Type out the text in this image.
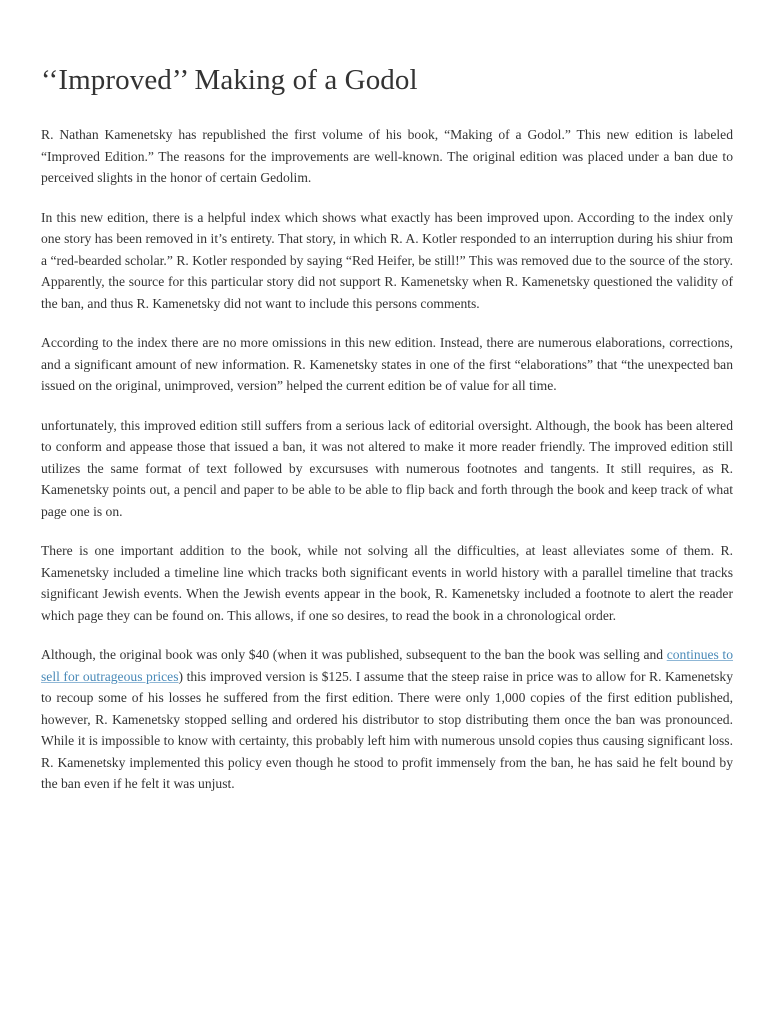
‘‘Improved’’ Making of a Godol

R. Nathan Kamenetsky has republished the first volume of his book, “Making of a Godol.” This new edition is labeled “Improved Edition.” The reasons for the improvements are well-known. The original edition was placed under a ban due to perceived slights in the honor of certain Gedolim.

In this new edition, there is a helpful index which shows what exactly has been improved upon. According to the index only one story has been removed in it’s entirety. That story, in which R. A. Kotler responded to an interruption during his shiur from a “red-bearded scholar.” R. Kotler responded by saying “Red Heifer, be still!” This was removed due to the source of the story. Apparently, the source for this particular story did not support R. Kamenetsky when R. Kamenetsky questioned the validity of the ban, and thus R. Kamenetsky did not want to include this persons comments.

According to the index there are no more omissions in this new edition. Instead, there are numerous elaborations, corrections, and a significant amount of new information. R. Kamenetsky states in one of the first “elaborations” that “the unexpected ban issued on the original, unimproved, version” helped the current edition be of value for all time.

unfortunately, this improved edition still suffers from a serious lack of editorial oversight. Although, the book has been altered to conform and appease those that issued a ban, it was not altered to make it more reader friendly. The improved edition still utilizes the same format of text followed by excursuses with numerous footnotes and tangents. It still requires, as R. Kamenetsky points out, a pencil and paper to be able to be able to flip back and forth through the book and keep track of what page one is on.

There is one important addition to the book, while not solving all the difficulties, at least alleviates some of them. R. Kamenetsky included a timeline line which tracks both significant events in world history with a parallel timeline that tracks significant Jewish events. When the Jewish events appear in the book, R. Kamenetsky included a footnote to alert the reader which page they can be found on. This allows, if one so desires, to read the book in a chronological order.

Although, the original book was only $40 (when it was published, subsequent to the ban the book was selling and continues to sell for outrageous prices) this improved version is $125. I assume that the steep raise in price was to allow for R. Kamenetsky to recoup some of his losses he suffered from the first edition. There were only 1,000 copies of the first edition published, however, R. Kamenetsky stopped selling and ordered his distributor to stop distributing them once the ban was pronounced. While it is impossible to know with certainty, this probably left him with numerous unsold copies thus causing significant loss. R. Kamenetsky implemented this policy even though he stood to profit immensely from the ban, he has said he felt bound by the ban even if he felt it was unjust.
